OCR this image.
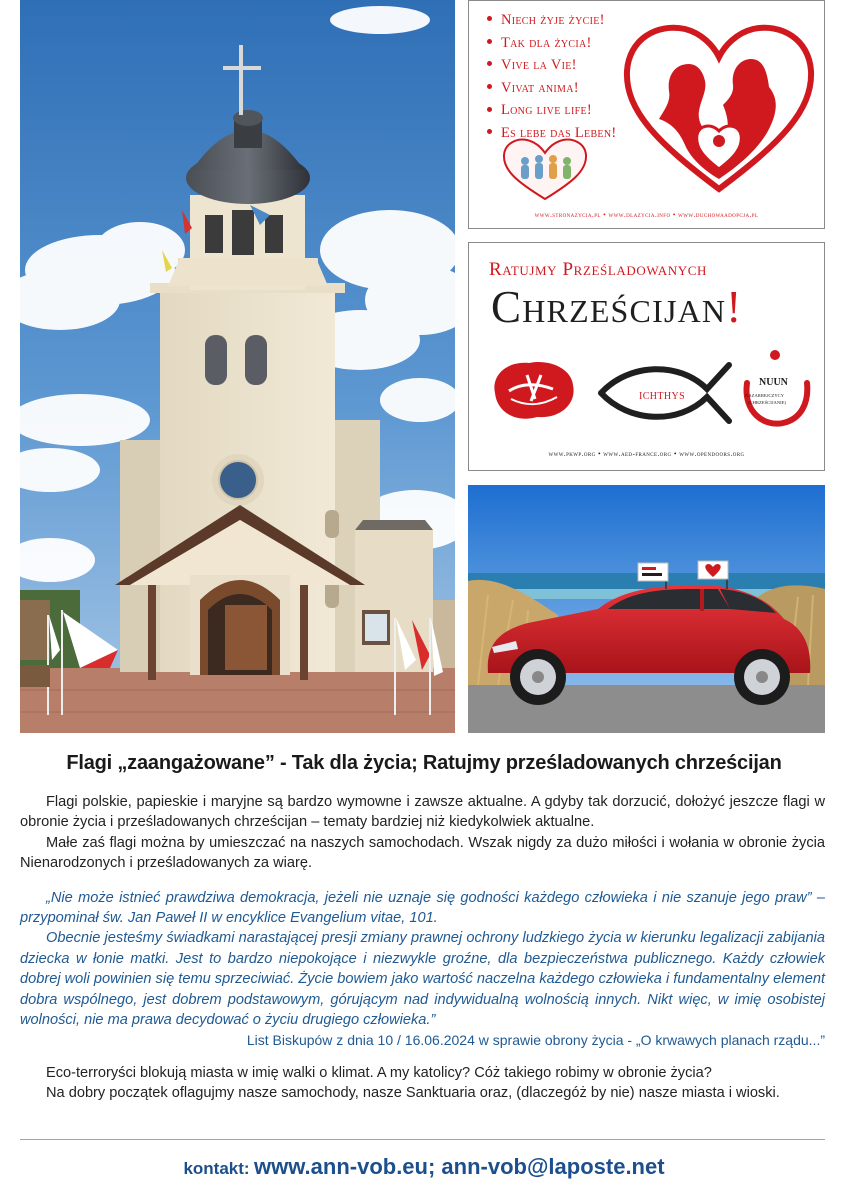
Niech żyje życie!
Tak dla życia!
Vive la Vie!
Vivat anima!
Long live life!
Es lebe das Leben!
www.stronazycia.pl • www.dlazycia.info • www.duchowaadopcja.pl
Ratujmy Prześladowanych
Chrześcijan!
ICHTHYS
NUUN
NAZARREJCZYCY
(CHRZEŚCIJANIE)
www.pkwp.org • www.aed-france.org • www.opendoors.org
Flagi „zaangażowane” - Tak dla życia; Ratujmy prześladowanych chrześcijan

Flagi polskie, papieskie i maryjne są bardzo wymowne i zawsze aktualne. A gdyby tak dorzucić, dołożyć jeszcze flagi w obronie życia i prześladowanych chrześcijan – tematy bardziej niż kiedykolwiek aktualne.

Małe zaś flagi można by umieszczać na naszych samochodach. Wszak nigdy za dużo miłości i wołania w obronie życia Nienarodzonych i prześladowanych za wiarę.

„Nie może istnieć prawdziwa demokracja, jeżeli nie uznaje się godności każdego człowieka i nie szanuje jego praw” – przypominał św. Jan Paweł II w encyklice Evangelium vitae, 101.

Obecnie jesteśmy świadkami narastającej presji zmiany prawnej ochrony ludzkiego życia w kierunku legalizacji zabijania dziecka w łonie matki. Jest to bardzo niepokojące i niezwykle groźne, dla bezpieczeństwa publicznego. Każdy człowiek dobrej woli powinien się temu sprzeciwiać. Życie bowiem jako wartość naczelna każdego człowieka i fundamentalny element dobra wspólnego, jest dobrem podstawowym, górującym nad indywidualną wolnością innych. Nikt więc, w imię osobistej wolności, nie ma prawa decydować o życiu drugiego człowieka.”

List Biskupów z dnia 10 / 16.06.2024 w sprawie obrony życia - „O krwawych planach rządu...”

Eco-terroryści blokują miasta w imię walki o klimat. A my katolicy? Cóż takiego robimy w obronie życia?

Na dobry początek oflagujmy nasze samochody, nasze Sanktuaria oraz, (dlaczegóż by nie) nasze miasta i wioski.

kontakt: www.ann-vob.eu; ann-vob@laposte.net
